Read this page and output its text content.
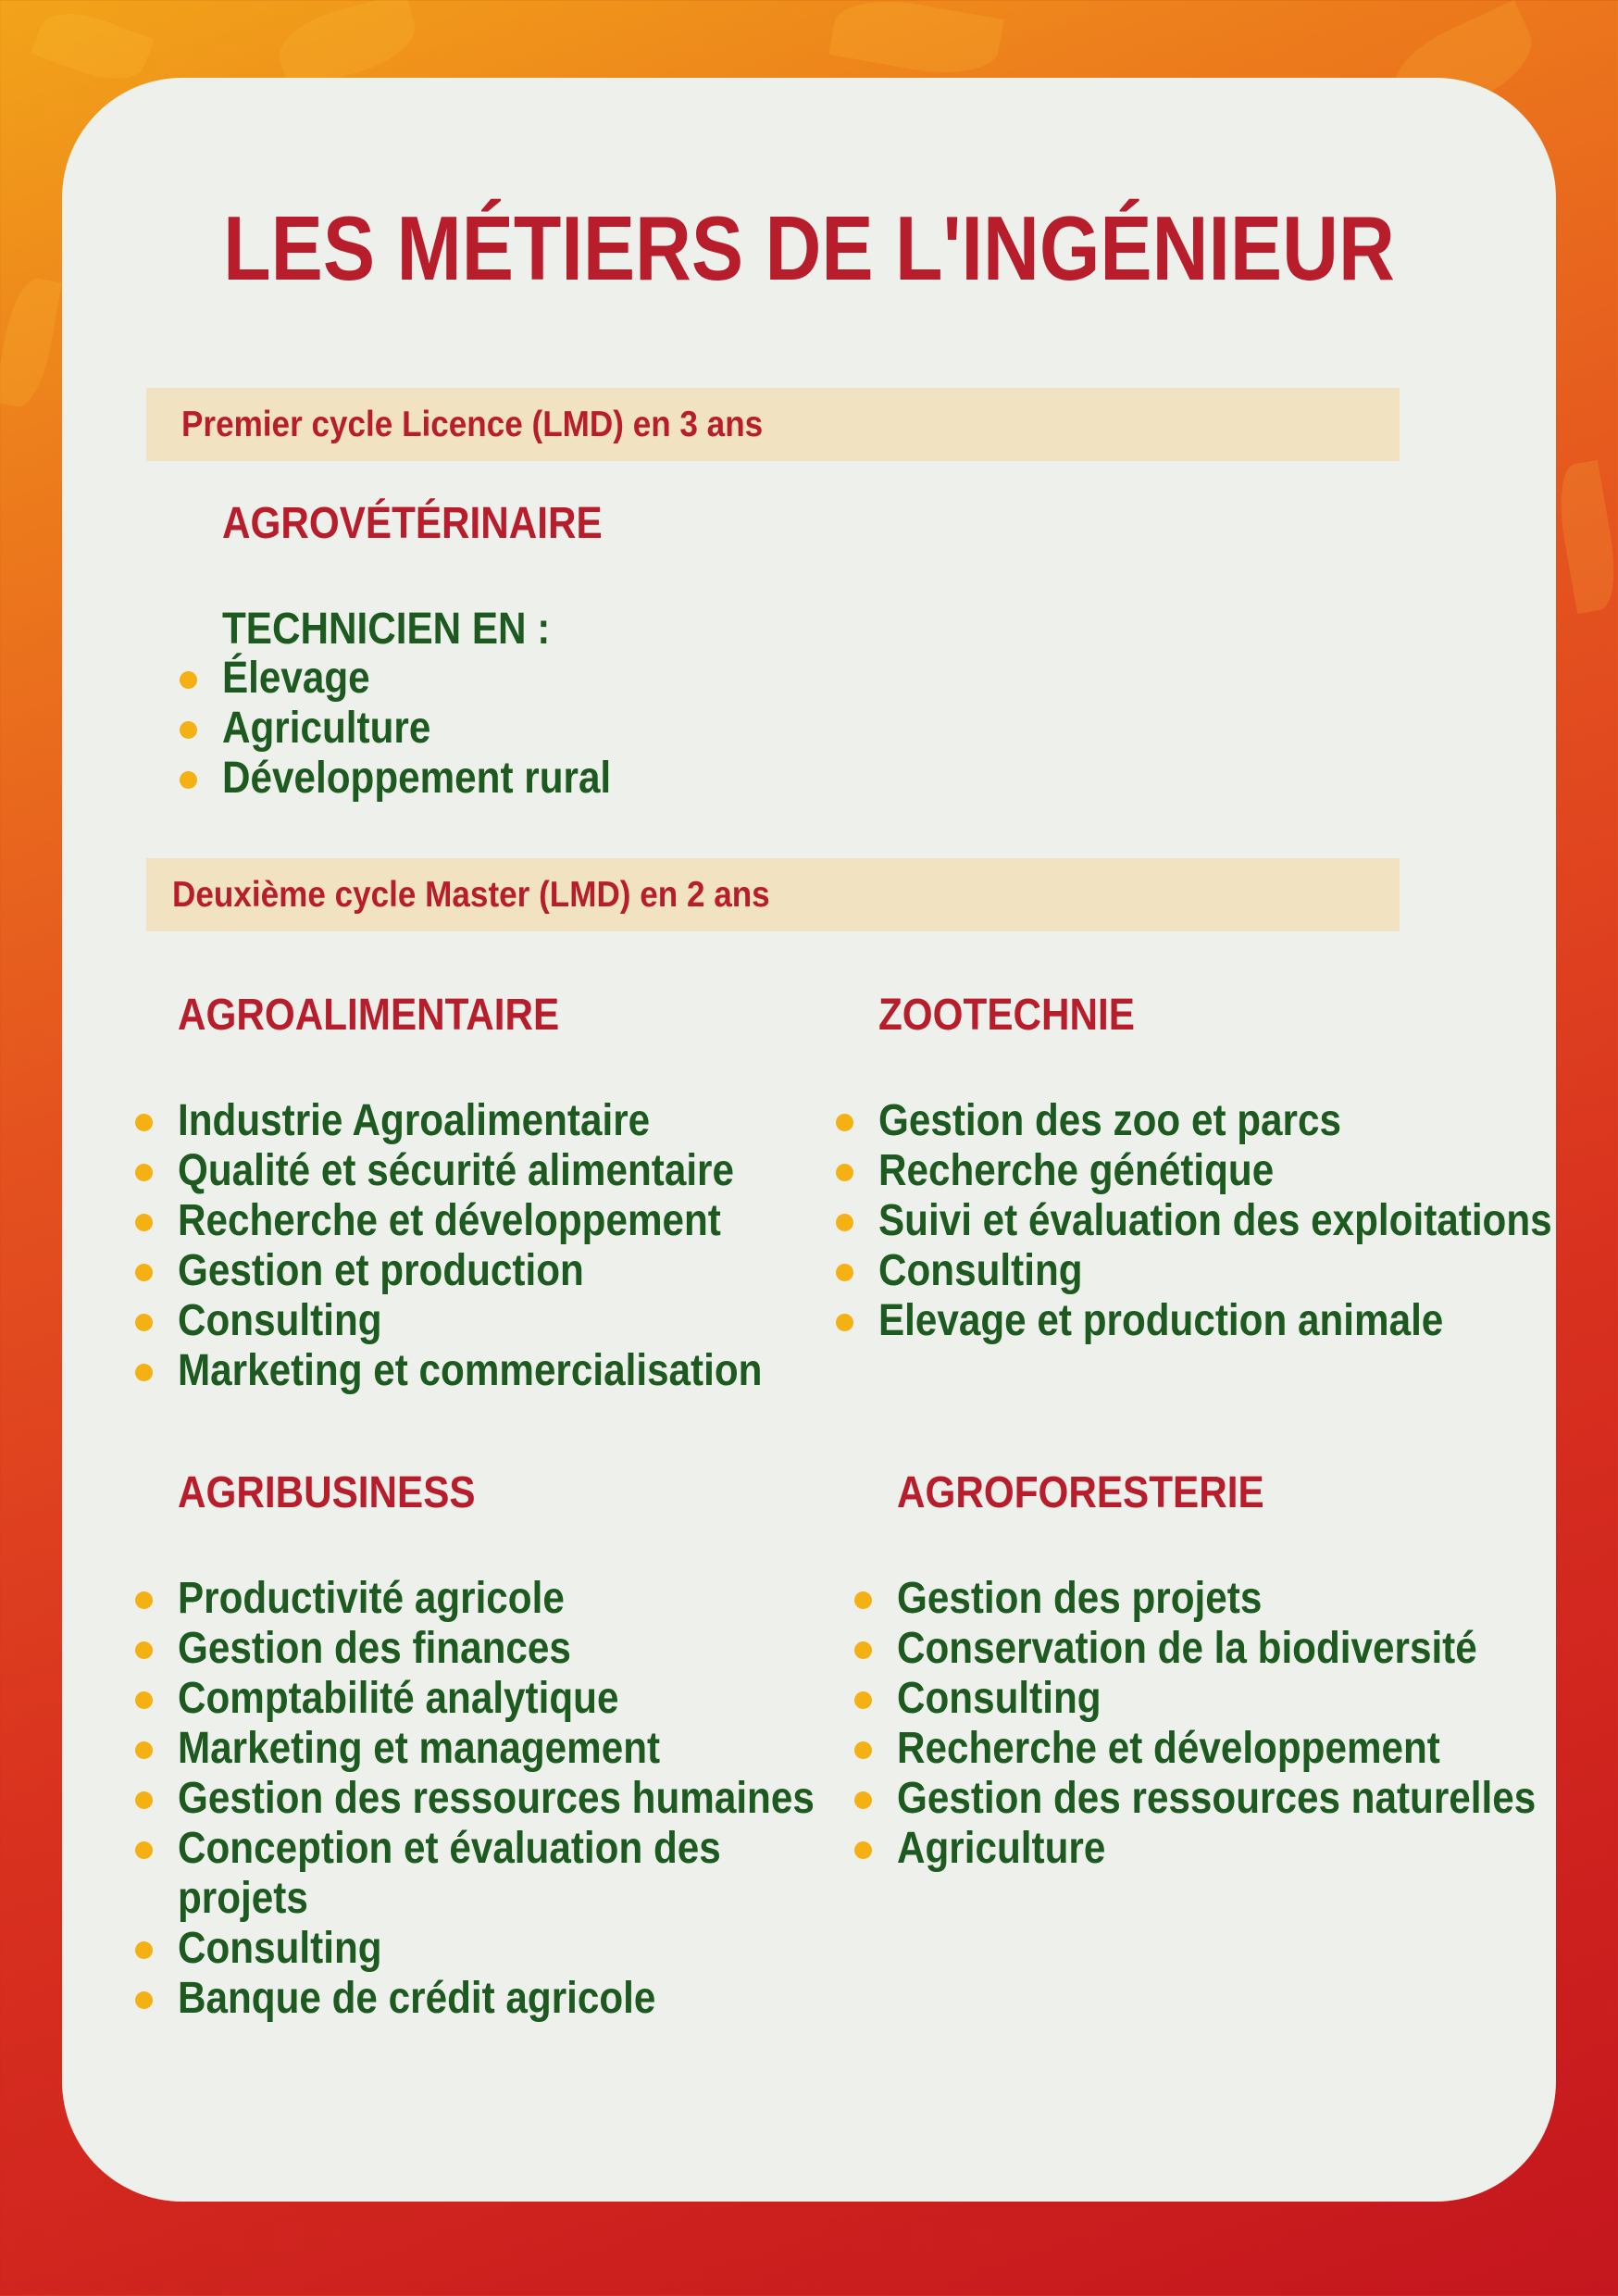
LES MÉTIERS DE L'INGÉNIEUR
Premier cycle Licence (LMD) en 3 ans
AGROVÉTÉRINAIRE
TECHNICIEN EN :
Élevage
Agriculture
Développement rural
Deuxième cycle Master (LMD) en 2 ans
AGROALIMENTAIRE
Industrie Agroalimentaire
Qualité et sécurité alimentaire
Recherche et développement
Gestion et production
Consulting
Marketing et commercialisation
ZOOTECHNIE
Gestion des zoo et parcs
Recherche génétique
Suivi et évaluation des exploitations
Consulting
Elevage et production animale
AGRIBUSINESS
Productivité agricole
Gestion des finances
Comptabilité analytique
Marketing et management
Gestion des ressources humaines
Conception et évaluation des
projets
Consulting
Banque de crédit agricole
AGROFORESTERIE
Gestion des projets
Conservation de la biodiversité
Consulting
Recherche et développement
Gestion des ressources naturelles
Agriculture
